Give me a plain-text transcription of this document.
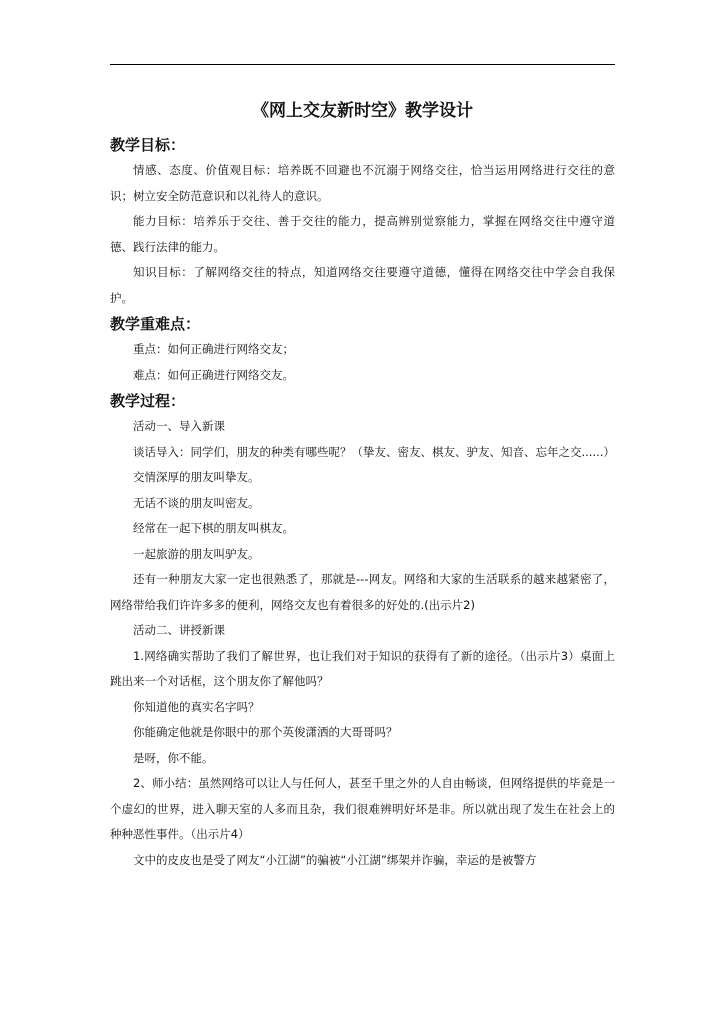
《网上交友新时空》教学设计
教学目标：

情感、态度、价值观目标：培养既不回避也不沉溺于网络交往，恰当运用网络进行交往的意识；树立安全防范意识和以礼待人的意识。

能力目标：培养乐于交往、善于交往的能力，提高辨别觉察能力，掌握在网络交往中遵守道德、践行法律的能力。

知识目标：了解网络交往的特点，知道网络交往要遵守道德，懂得在网络交往中学会自我保护。

教学重难点：

重点：如何正确进行网络交友；

难点：如何正确进行网络交友。

教学过程：

活动一、导入新课

谈话导入：同学们，朋友的种类有哪些呢？（挚友、密友、棋友、驴友、知音、忘年之交......）

交情深厚的朋友叫挚友。

无话不谈的朋友叫密友。

经常在一起下棋的朋友叫棋友。

一起旅游的朋友叫驴友。

还有一种朋友大家一定也很熟悉了，那就是---网友。网络和大家的生活联系的越来越紧密了，网络带给我们许许多多的便利，网络交友也有着很多的好处的.(出示片2)

活动二、讲授新课

1.网络确实帮助了我们了解世界，也让我们对于知识的获得有了新的途径。（出示片3）桌面上跳出来一个对话框，这个朋友你了解他吗？

你知道他的真实名字吗？

你能确定他就是你眼中的那个英俊潇洒的大哥哥吗？

是呀，你不能。

2、师小结：虽然网络可以让人与任何人，甚至千里之外的人自由畅谈，但网络提供的毕竟是一个虚幻的世界，进入聊天室的人多而且杂，我们很难辨明好坏是非。所以就出现了发生在社会上的种种恶性事件。（出示片4）

文中的皮皮也是受了网友“小江湖”的骗被“小江湖”绑架并诈骗，幸运的是被警方
